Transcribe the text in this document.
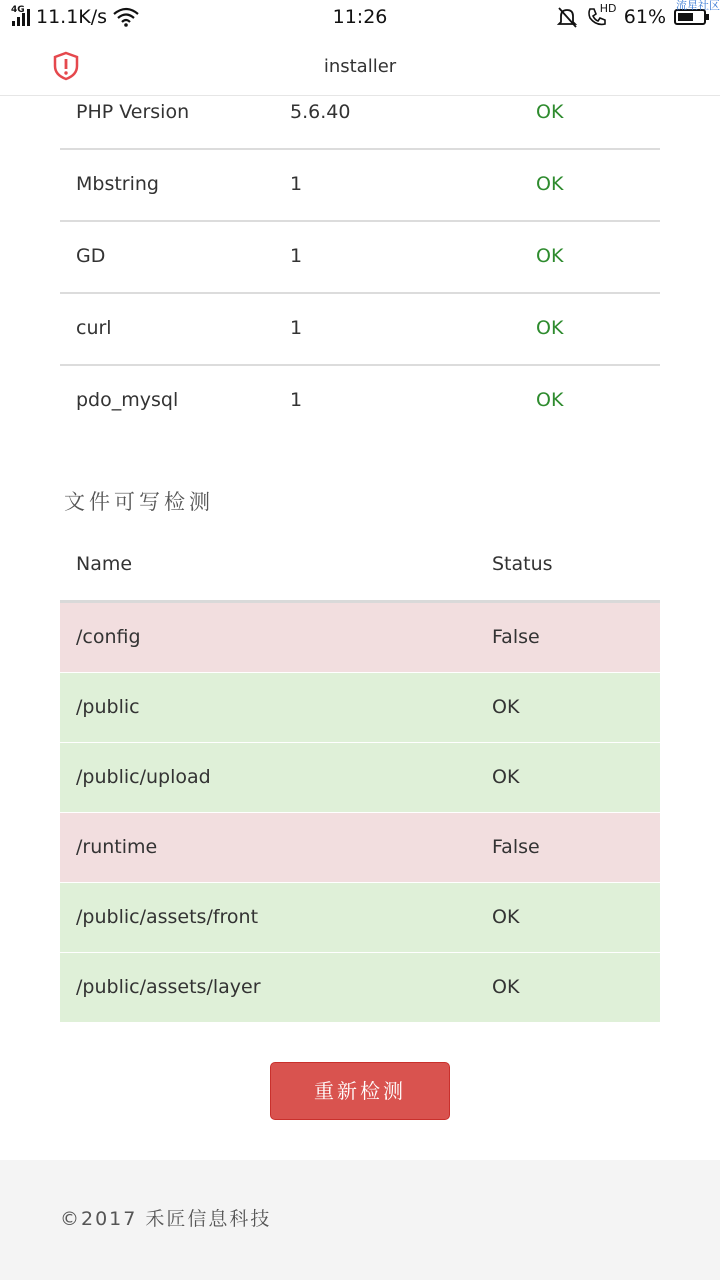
4G 11.1K/s	11:26	HD 61%
流星社区
installer
PHP Version	5.6.40	OK
Mbstring	1	OK
GD	1	OK
curl	1	OK
pdo_mysql	1	OK
文件可写检测
Name	Status
/config	False
/public	OK
/public/upload	OK
/runtime	False
/public/assets/front	OK
/public/assets/layer	OK
重新检测
©2017 禾匠信息科技
